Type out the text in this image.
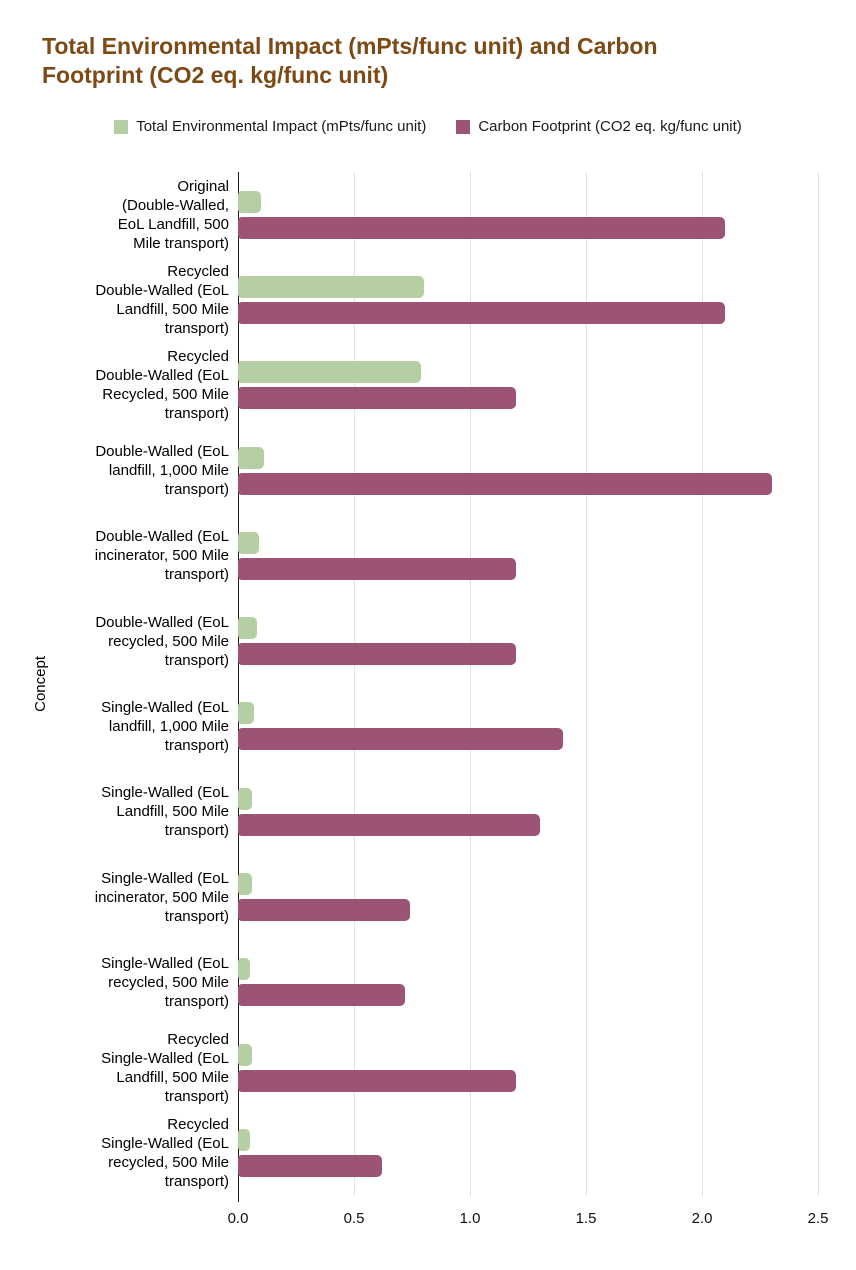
Total Environmental Impact (mPts/func unit) and Carbon
Footprint (CO2 eq. kg/func unit)
Total Environmental Impact (mPts/func unit)	Carbon Footprint (CO2 eq. kg/func unit)
Concept
Original
(Double-Walled,
EoL Landfill, 500
Mile transport)
Recycled
Double-Walled (EoL
Landfill, 500 Mile
transport)
Recycled
Double-Walled (EoL
Recycled, 500 Mile
transport)
Double-Walled (EoL
landfill, 1,000 Mile
transport)
Double-Walled (EoL
incinerator, 500 Mile
transport)
Double-Walled (EoL
recycled, 500 Mile
transport)
Single-Walled (EoL
landfill, 1,000 Mile
transport)
Single-Walled (EoL
Landfill, 500 Mile
transport)
Single-Walled (EoL
incinerator, 500 Mile
transport)
Single-Walled (EoL
recycled, 500 Mile
transport)
Recycled
Single-Walled (EoL
Landfill, 500 Mile
transport)
Recycled
Single-Walled (EoL
recycled, 500 Mile
transport)
0.0	0.5	1.0	1.5	2.0	2.5
